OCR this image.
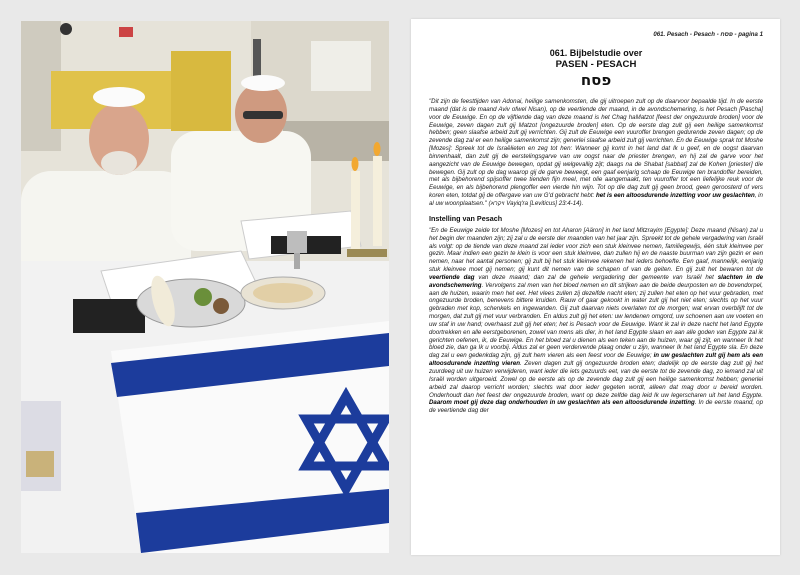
061. Pesach - Pesach - פסח - pagina 1
061. Bijbelstudie over
PASEN - PESACH
פסח

"Dit zijn de feesttijden van Adonai, heilige samenkomsten, die gij uitroepen zult op de daarvoor bepaalde tijd. In de eerste maand (dat is de maand Aviv ofwel Nisan), op de veertiende der maand, in de avondschemering, is het Pesach [Pascha] voor de Eeuwige. En op de vijftiende dag van deze maand is het Chag haMatzot [feest der ongezuurde broden] voor de Eeuwige, zeven dagen zult gij Matzot [ongezuurde broden] eten. Op de eerste dag zult gij een heilige samenkomst hebben; geen slaafse arbeid zult gij verrichten. Gij zult de Eeuwige een vuuroffer brengen gedurende zeven dagen; op de zevende dag zal er een heilige samenkomst zijn; generlei slaafse arbeid zult gij verrichten. En de Eeuwige sprak tot Moshe [Mozes]: Spreek tot de Israëlieten en zeg tot hen: Wanneer gij komt in het land dat Ik u geef, en de oogst daarvan binnenhaalt, dan zult gij de eerstelingsgarve van uw oogst naar de priester brengen, en hij zal de garve voor het aangezicht van de Eeuwige bewegen, opdat gij welgevallig zijt; daags na de Shabat [sabbat] zal de Kohen [priester] die bewegen. Gij zult op de dag waarop gij de garve beweegt, een gaaf eenjarig schaap de Eeuwige ten brandoffer bereiden, met als bijbehorend spijsoffer twee tienden fijn meel, met olie aangemaakt, ten vuuroffer tot een liefelijke reuk voor de Eeuwige, en als bijbehorend plengoffer een vierde hin wijn. Tot op die dag zult gij geen brood, geen geroosterd of vers koren eten, totdat gij de offergave van uw G'd gebracht hebt: het is een altoosdurende inzetting voor uw geslachten, in al uw woonplaatsen." (ויקרא Vayiq'ra [Leviticus] 23:4-14).

Instelling van Pesach

"En de Eeuwige zeide tot Moshe [Mozes] en tot Aharon [Aäron] in het land Mitzrayim [Egypte]: Deze maand (Nisan) zal u het begin der maanden zijn; zij zal u de eerste der maanden van het jaar zijn. Spreekt tot de gehele vergadering van Israël als volgt: op de tiende van deze maand zal ieder voor zich een stuk kleinvee nemen, familiegewijs, één stuk kleinvee per gezin. Maar indien een gezin te klein is voor een stuk kleinvee, dan zullen hij en de naaste buurman van zijn gezin er een nemen, naar het aantal personen; gij zult bij het stuk kleinvee rekenen het ieders behoefte. Een gaaf, mannelijk, eenjarig stuk kleinvee moet gij nemen; gij kunt dit nemen van de schapen of van de geiten. En gij zult het bewaren tot de veertiende dag van deze maand; dan zal de gehele vergadering der gemeente van Israël het slachten in de avondschemering. Vervolgens zal men van het bloed nemen en dit strijken aan de beide deurposten en de bovendorpel, aan de huizen, waarin men het eet. Het vlees zullen zij dezelfde nacht eten; zij zullen het eten op het vuur gebraden, met ongezuurde broden, benevens bittere kruiden. Rauw of gaar gekookt in water zult gij het niet eten; slechts op het vuur gebraden met kop, schenkels en ingewanden. Gij zult daarvan niets overlaten tot de morgen; wat ervan overblijft tot de morgen, dat zult gij met vuur verbranden. En aldus zult gij het eten: uw lendenen omgord, uw schoenen aan uw voeten en uw staf in uw hand; overhaast zult gij het eten; het is Pesach voor de Eeuwige. Want ik zal in deze nacht het land Egypte doortrekken en alle eerstgeborenen, zowel van mens als dier, in het land Egypte slaan en aan alle goden van Egypte zal ik gerichten oefenen, ik, de Eeuwige. En het bloed zal u dienen als een teken aan de huizen, waar gij zijt, en wanneer Ik het bloed zie, dan ga Ik u voorbij. Aldus zal er geen verdervende plaag onder u zijn, wanneer Ik het land Egypte sla. En deze dag zal u een gedenkdag zijn, gij zult hem vieren als een feest voor de Eeuwige; in uw geslachten zult gij hem als een altoosdurende inzetting vieren. Zeven dagen zult gij ongezuurde broden eten; dadelijk op de eerste dag zult gij het zuurdeeg uit uw huizen verwijderen, want ieder die iets gezuurds eet, van de eerste tot de zevende dag, zo iemand zal uit Israël worden uitgeroeid. Zowel op de eerste als op de zevende dag zult gij een heilige samenkomst hebben; generlei arbeid zal daarop verricht worden; slechts wat door ieder gegeten wordt, alleen dat mag door u bereid worden. Onderhoudt dan het feest der ongezuurde broden, want op deze zelfde dag leid Ik uw legerscharen uit het land Egypte. Daarom moet gij deze dag onderhouden in uw geslachten als een altoosdurende inzetting. In de eerste maand, op de veertiende dag der
